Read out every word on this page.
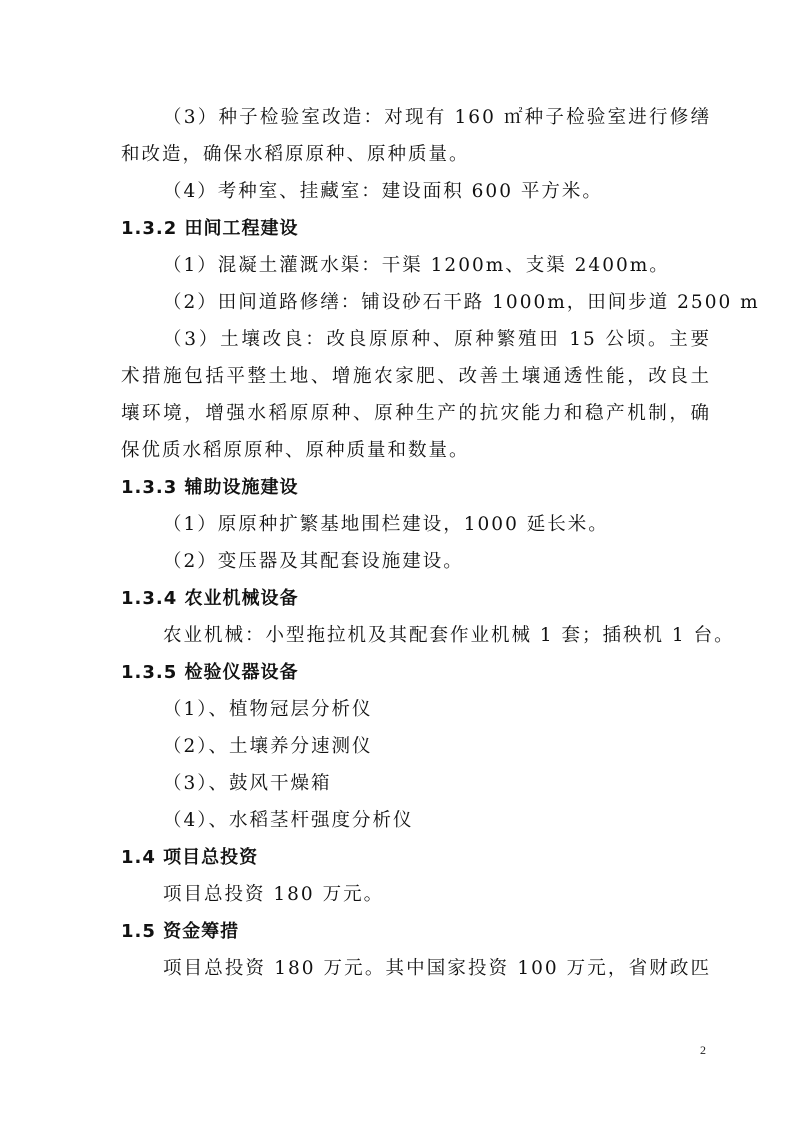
（3）种子检验室改造：对现有 160 ㎡种子检验室进行修缮
和改造，确保水稻原原种、原种质量。
（4）考种室、挂藏室：建设面积 600 平方米。
1.3.2 田间工程建设
（1）混凝土灌溉水渠：干渠 1200m、支渠 2400m。
（2）田间道路修缮：铺设砂石干路 1000m，田间步道 2500 m
（3）土壤改良：改良原原种、原种繁殖田 15 公顷。主要
术措施包括平整土地、增施农家肥、改善土壤通透性能，改良土
壤环境，增强水稻原原种、原种生产的抗灾能力和稳产机制，确
保优质水稻原原种、原种质量和数量。
1.3.3 辅助设施建设
（1）原原种扩繁基地围栏建设，1000 延长米。
（2）变压器及其配套设施建设。
1.3.4 农业机械设备
农业机械：小型拖拉机及其配套作业机械 1 套；插秧机 1 台。
1.3.5 检验仪器设备
（1）、植物冠层分析仪
（2）、土壤养分速测仪
（3）、鼓风干燥箱
（4）、水稻茎杆强度分析仪
1.4 项目总投资
项目总投资 180 万元。
1.5 资金筹措
项目总投资 180 万元。其中国家投资 100 万元，省财政匹
2
